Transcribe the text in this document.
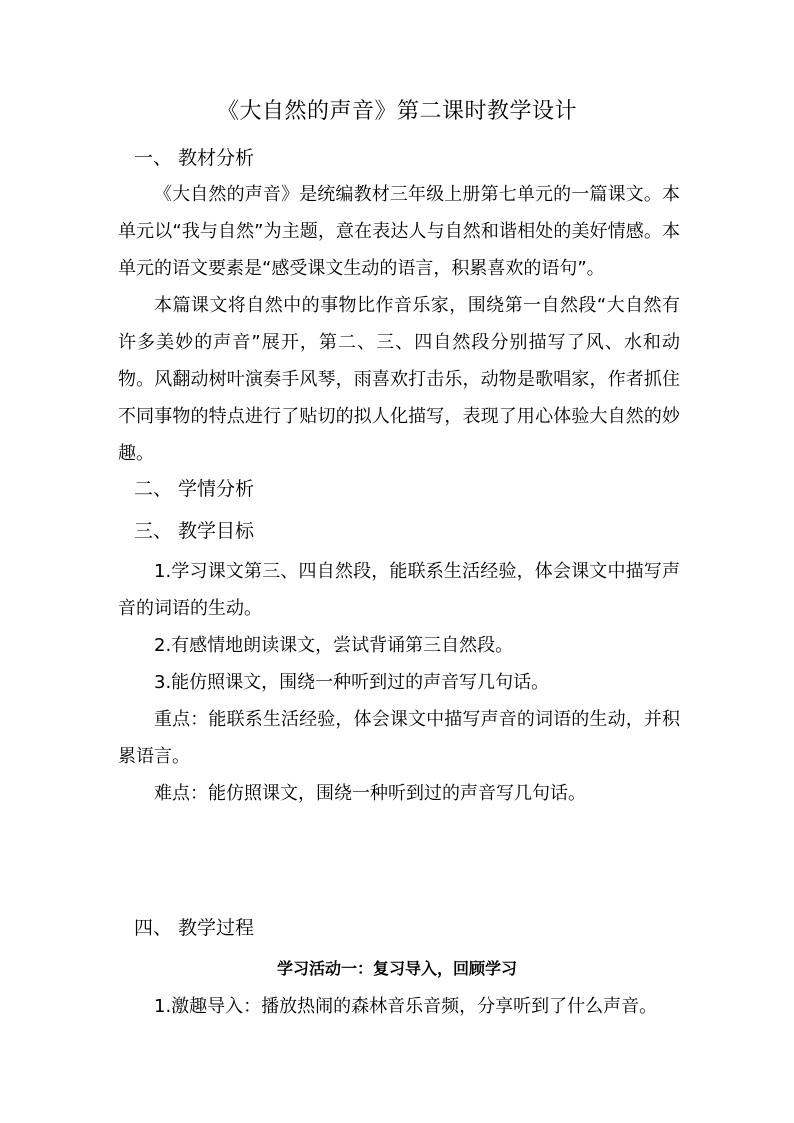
《大自然的声音》第二课时教学设计
一、 教材分析

《大自然的声音》是统编教材三年级上册第七单元的一篇课文。本单元以“我与自然”为主题，意在表达人与自然和谐相处的美好情感。本单元的语文要素是“感受课文生动的语言，积累喜欢的语句”。

本篇课文将自然中的事物比作音乐家，围绕第一自然段“大自然有许多美妙的声音”展开，第二、三、四自然段分别描写了风、水和动物。风翻动树叶演奏手风琴，雨喜欢打击乐，动物是歌唱家，作者抓住不同事物的特点进行了贴切的拟人化描写，表现了用心体验大自然的妙趣。

二、 学情分析
三、 教学目标

1.学习课文第三、四自然段，能联系生活经验，体会课文中描写声音的词语的生动。

2.有感情地朗读课文，尝试背诵第三自然段。

3.能仿照课文，围绕一种听到过的声音写几句话。

重点：能联系生活经验，体会课文中描写声音的词语的生动，并积累语言。

难点：能仿照课文，围绕一种听到过的声音写几句话。

四、 教学过程
学习活动一：复习导入，回顾学习

1.激趣导入：播放热闹的森林音乐音频，分享听到了什么声音。
